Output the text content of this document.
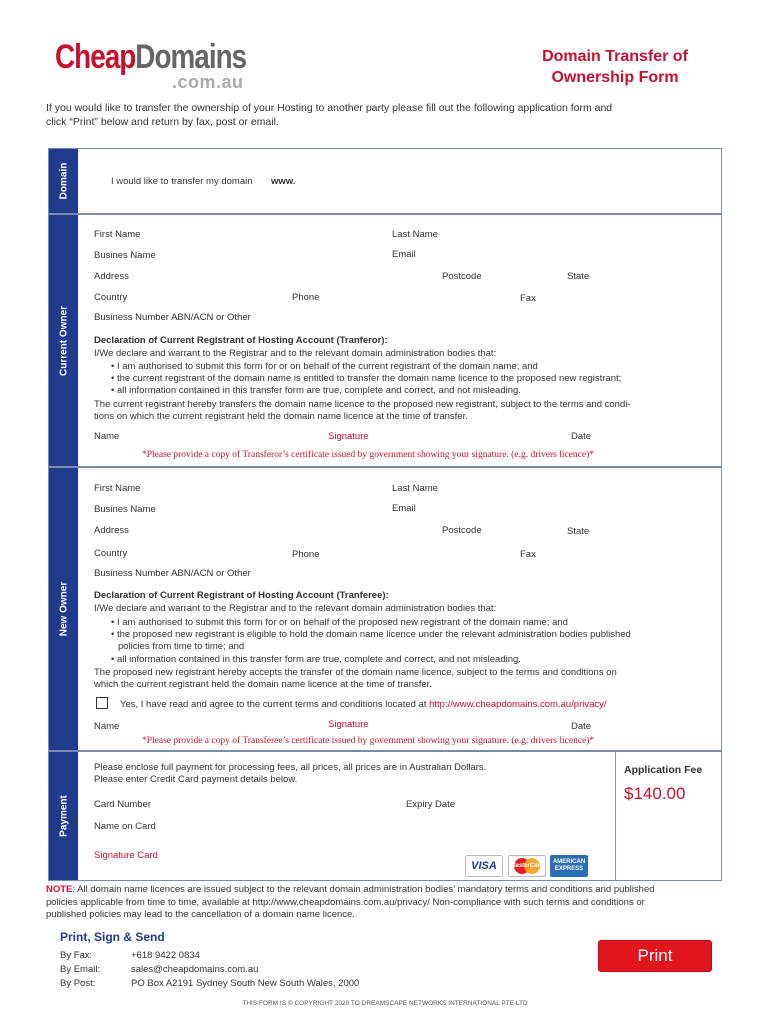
CheapDomains
.com.au
Domain Transfer of
Ownership Form
If you would like to transfer the ownership of your Hosting to another party please fill out the following application form and
click “Print” below and return by fax, post or email.
Domain	I would like to transfer my domain www.
Current Owner
First Name	Last Name
Busines Name	Email
Address	Postcode	State
Country	Phone	Fax
Business Number ABN/ACN or Other
Declaration of Current Registrant of Hosting Account (Tranferor):
I/We declare and warrant to the Registrar and to the relevant domain administration bodies that:
• I am authorised to submit this form for or on behalf of the current registrant of the domain name; and
• the current registrant of the domain name is entitled to transfer the domain name licence to the proposed new registrant;
• all information contained in this transfer form are true, complete and correct, and not misleading.
The current registrant hereby transfers the domain name licence to the proposed new registrant, subject to the terms and condi-
tions on which the current registrant held the domain name licence at the time of transfer.
Name	Signature	Date
*Please provide a copy of Transferor’s certificate issued by government showing your signature. (e.g. drivers licence)*
New Owner
First Name	Last Name
Busines Name	Email
Address	Postcode	State
Country	Phone	Fax
Business Number ABN/ACN or Other
Declaration of Current Registrant of Hosting Account (Tranferee):
I/We declare and warrant to the Registrar and to the relevant domain administration bodies that:
• I am authorised to submit this form for or on behalf of the proposed new registrant of the domain name; and
• the proposed new registrant is eligible to hold the domain name licence under the relevant administration bodies published
policies from time to time; and
• all information contained in this transfer form are true, complete and correct, and not misleading.
The proposed new registrant hereby accepts the transfer of the domain name licence, subject to the terms and conditions on
which the current registrant held the domain name licence at the time of transfer.
Yes, I have read and agree to the current terms and conditions located at http://www.cheapdomains.com.au/privacy/
Name	Signature	Date
*Please provide a copy of Transferee’s certificate issued by government showing your signature. (e.g. drivers licence)*
Payment
Please enclose full payment for processing fees, all prices, all prices are in Australian Dollars.
Please enter Credit Card payment details below.
Application Fee
$140.00
Card Number	Expiry Date
Name on Card
Signature Card
VISA MasterCard
AMERICAN EXPRESS
NOTE: All domain name licences are issued subject to the relevant domain administration bodies’ mandatory terms and conditions and published
policies applicable from time to time, available at http://www.cheapdomains.com.au/privacy/ Non-compliance with such terms and conditions or
published policies may lead to the cancellation of a domain name licence.
Print, Sign & Send
By Fax:	+618 9422 0834
By Email:	sales@cheapdomains.com.au
By Post:	PO Box A2191 Sydney South New South Wales, 2000
Print
THIS FORM IS © COPYRIGHT 2020 TO DREAMSCAPE NETWORKS INTERNATIONAL PTE LTD
